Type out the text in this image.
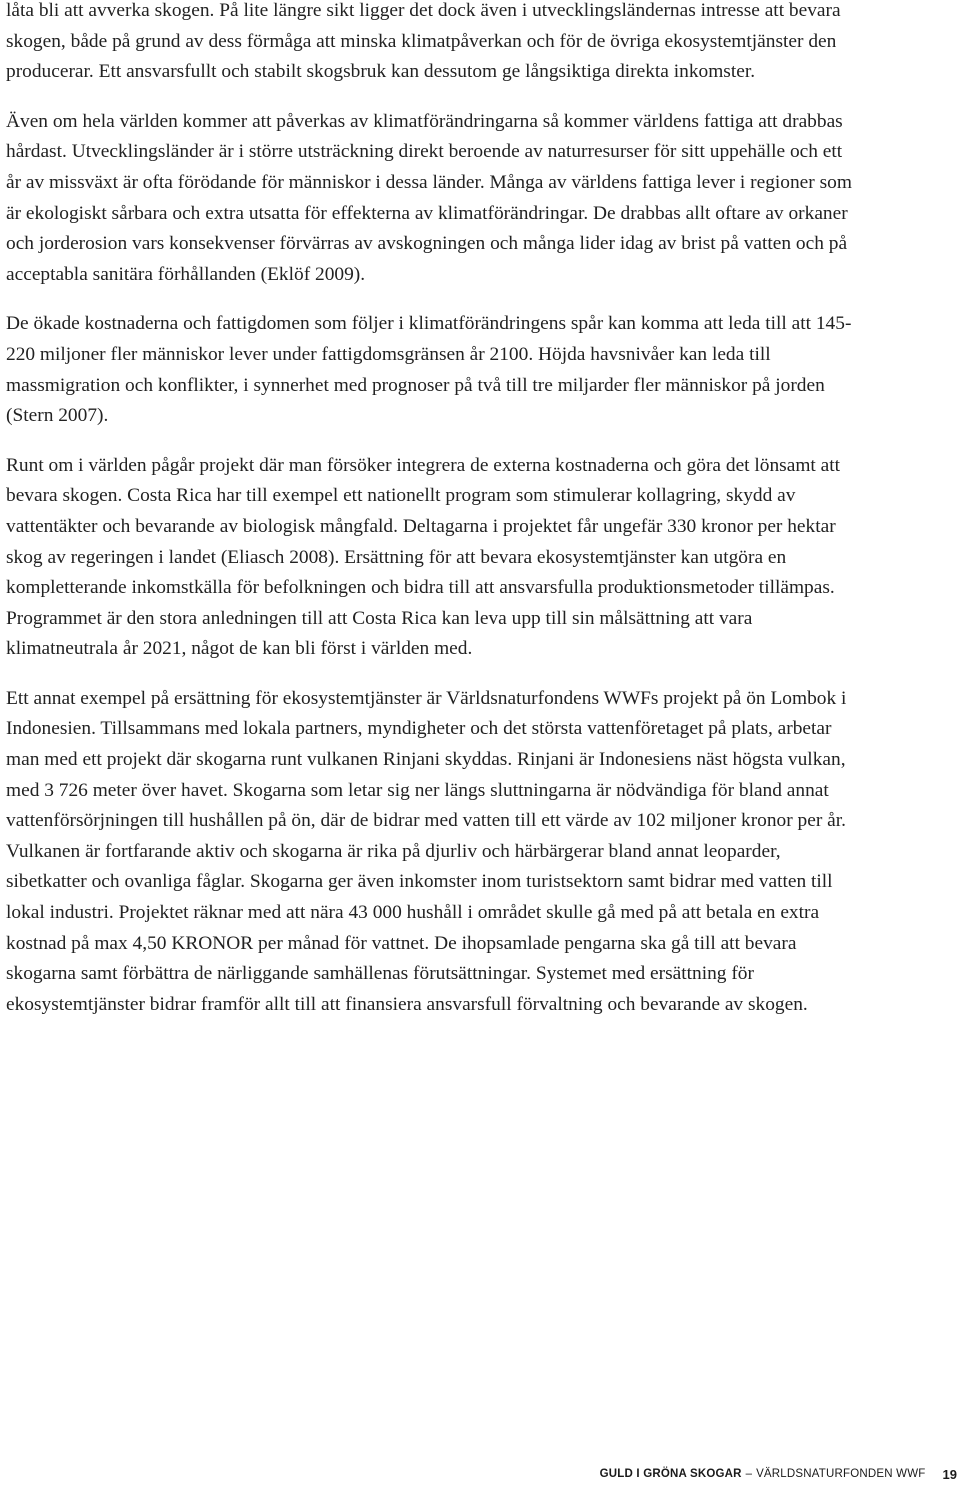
låta bli att avverka skogen. På lite längre sikt ligger det dock även i utvecklingsländernas intresse att bevara skogen, både på grund av dess förmåga att minska klimatpåverkan och för de övriga ekosystemtjänster den producerar. Ett ansvarsfullt och stabilt skogsbruk kan dessutom ge långsiktiga direkta inkomster.

Även om hela världen kommer att påverkas av klimatförändringarna så kommer världens fattiga att drabbas hårdast. Utvecklingsländer är i större utsträckning direkt beroende av naturresurser för sitt uppehälle och ett år av missväxt är ofta förödande för människor i dessa länder. Många av världens fattiga lever i regioner som är ekologiskt sårbara och extra utsatta för effekterna av klimatförändringar. De drabbas allt oftare av orkaner och jorderosion vars konsekvenser förvärras av avskogningen och många lider idag av brist på vatten och på acceptabla sanitära förhållanden (Eklöf 2009).

De ökade kostnaderna och fattigdomen som följer i klimatförändringens spår kan komma att leda till att 145-220 miljoner fler människor lever under fattigdomsgränsen år 2100. Höjda havsnivåer kan leda till massmigration och konflikter, i synnerhet med prognoser på två till tre miljarder fler människor på jorden (Stern 2007).

Runt om i världen pågår projekt där man försöker integrera de externa kostnaderna och göra det lönsamt att bevara skogen. Costa Rica har till exempel ett nationellt program som stimulerar kollagring, skydd av vattentäkter och bevarande av biologisk mångfald. Deltagarna i projektet får ungefär 330 kronor per hektar skog av regeringen i landet (Eliasch 2008). Ersättning för att bevara ekosystemtjänster kan utgöra en kompletterande inkomstkälla för befolkningen och bidra till att ansvarsfulla produktionsmetoder tillämpas. Programmet är den stora anledningen till att Costa Rica kan leva upp till sin målsättning att vara klimatneutrala år 2021, något de kan bli först i världen med.

Ett annat exempel på ersättning för ekosystemtjänster är Världsnaturfondens WWFs projekt på ön Lombok i Indonesien. Tillsammans med lokala partners, myndigheter och det största vattenföretaget på plats, arbetar man med ett projekt där skogarna runt vulkanen Rinjani skyddas. Rinjani är Indonesiens näst högsta vulkan, med 3 726 meter över havet. Skogarna som letar sig ner längs sluttningarna är nödvändiga för bland annat vattenförsörjningen till hushållen på ön, där de bidrar med vatten till ett värde av 102 miljoner kronor per år. Vulkanen är fortfarande aktiv och skogarna är rika på djurliv och härbärgerar bland annat leoparder, sibetkatter och ovanliga fåglar. Skogarna ger även inkomster inom turistsektorn samt bidrar med vatten till lokal industri. Projektet räknar med att nära 43 000 hushåll i området skulle gå med på att betala en extra kostnad på max 4,50 KRONOR per månad för vattnet. De ihopsamlade pengarna ska gå till att bevara skogarna samt förbättra de närliggande samhällenas förutsättningar. Systemet med ersättning för ekosystemtjänster bidrar framför allt till att finansiera ansvarsfull förvaltning och bevarande av skogen.

GULD I GRÖNA SKOGAR – VÄRLDSNATURFONDEN WWF 19
